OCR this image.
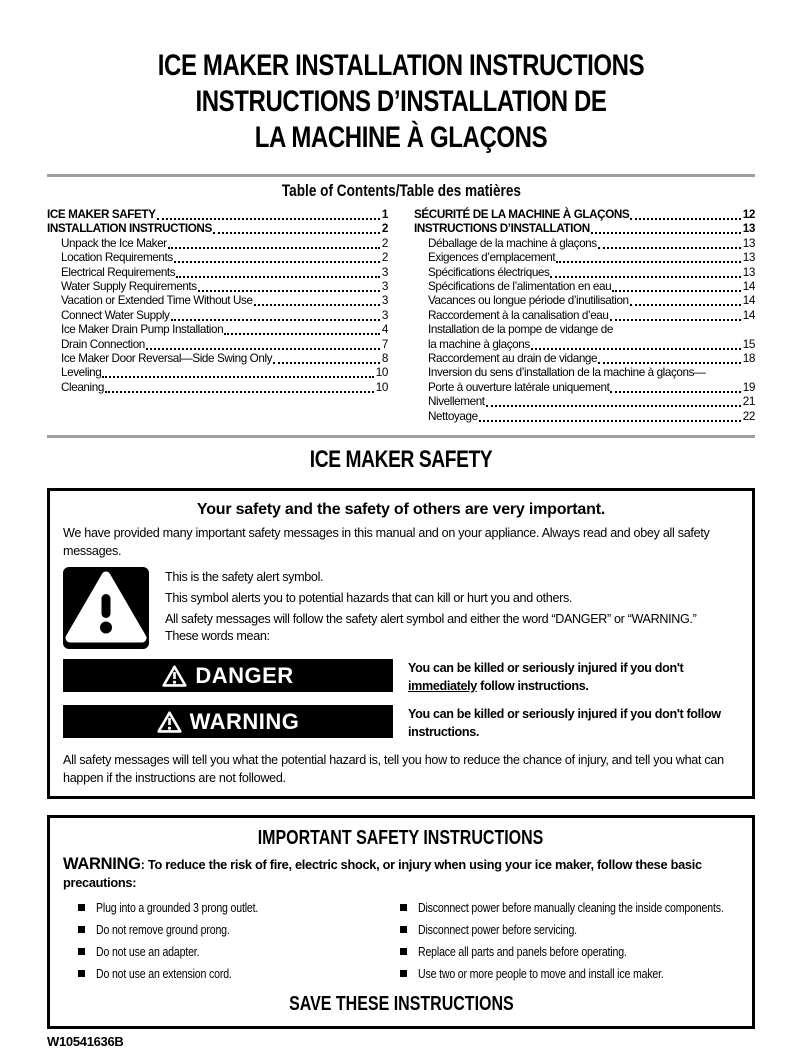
ICE MAKER INSTALLATION INSTRUCTIONS
INSTRUCTIONS D’INSTALLATION DE
LA MACHINE À GLAÇONS
Table of Contents/Table des matières
ICE MAKER SAFETY	1
INSTALLATION INSTRUCTIONS	2
Unpack the Ice Maker	2
Location Requirements	2
Electrical Requirements	3
Water Supply Requirements	3
Vacation or Extended Time Without Use	3
Connect Water Supply	3
Ice Maker Drain Pump Installation	4
Drain Connection	7
Ice Maker Door Reversal—Side Swing Only	8
Leveling	10
Cleaning	10
SÉCURITÉ DE LA MACHINE À GLAÇONS	12
INSTRUCTIONS D’INSTALLATION	13
Déballage de la machine à glaçons	13
Exigences d’emplacement	13
Spécifications électriques	13
Spécifications de l’alimentation en eau	14
Vacances ou longue période d’inutilisation	14
Raccordement à la canalisation d’eau	14
Installation de la pompe de vidange de
la machine à glaçons	15
Raccordement au drain de vidange	18
Inversion du sens d’installation de la machine à glaçons—
Porte à ouverture latérale uniquement	19
Nivellement	21
Nettoyage	22
ICE MAKER SAFETY
Your safety and the safety of others are very important.

We have provided many important safety messages in this manual and on your appliance. Always read and obey all safety messages.

This is the safety alert symbol.
This symbol alerts you to potential hazards that can kill or hurt you and others.
All safety messages will follow the safety alert symbol and either the word “DANGER” or “WARNING.”
These words mean:
DANGER	You can be killed or seriously injured if you don't immediately follow instructions.
WARNING	You can be killed or seriously injured if you don't follow instructions.

All safety messages will tell you what the potential hazard is, tell you how to reduce the chance of injury, and tell you what can happen if the instructions are not followed.

IMPORTANT SAFETY INSTRUCTIONS

WARNING: To reduce the risk of fire, electric shock, or injury when using your ice maker, follow these basic precautions:

Plug into a grounded 3 prong outlet.
Do not remove ground prong.
Do not use an adapter.
Do not use an extension cord.
Disconnect power before manually cleaning the inside components.
Disconnect power before servicing.
Replace all parts and panels before operating.
Use two or more people to move and install ice maker.
SAVE THESE INSTRUCTIONS
W10541636B
